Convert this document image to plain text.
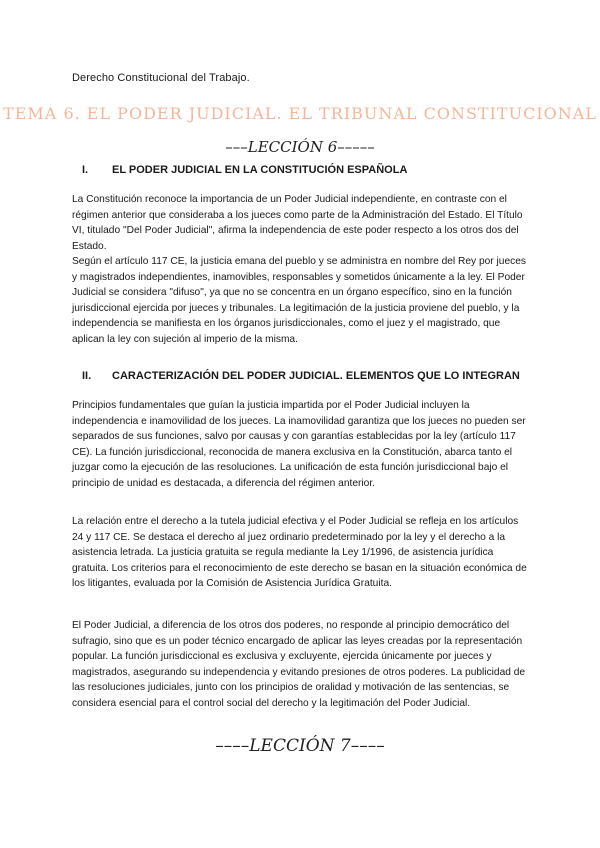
Derecho Constitucional del Trabajo.
TEMA 6. EL PODER JUDICIAL. EL TRIBUNAL CONSTITUCIONAL
–––LECCIÓN 6–––––
I.	EL PODER JUDICIAL EN LA CONSTITUCIÓN ESPAÑOLA

La Constitución reconoce la importancia de un Poder Judicial independiente, en contraste con el régimen anterior que consideraba a los jueces como parte de la Administración del Estado. El Título VI, titulado "Del Poder Judicial", afirma la independencia de este poder respecto a los otros dos del Estado.

Según el artículo 117 CE, la justicia emana del pueblo y se administra en nombre del Rey por jueces y magistrados independientes, inamovibles, responsables y sometidos únicamente a la ley. El Poder Judicial se considera "difuso", ya que no se concentra en un órgano específico, sino en la función jurisdiccional ejercida por jueces y tribunales. La legitimación de la justicia proviene del pueblo, y la independencia se manifiesta en los órganos jurisdiccionales, como el juez y el magistrado, que aplican la ley con sujeción al imperio de la misma.

II.	CARACTERIZACIÓN DEL PODER JUDICIAL. ELEMENTOS QUE LO INTEGRAN

Principios fundamentales que guían la justicia impartida por el Poder Judicial incluyen la independencia e inamovilidad de los jueces. La inamovilidad garantiza que los jueces no pueden ser separados de sus funciones, salvo por causas y con garantías establecidas por la ley (artículo 117 CE). La función jurisdiccional, reconocida de manera exclusiva en la Constitución, abarca tanto el juzgar como la ejecución de las resoluciones. La unificación de esta función jurisdiccional bajo el principio de unidad es destacada, a diferencia del régimen anterior.

La relación entre el derecho a la tutela judicial efectiva y el Poder Judicial se refleja en los artículos 24 y 117 CE. Se destaca el derecho al juez ordinario predeterminado por la ley y el derecho a la asistencia letrada. La justicia gratuita se regula mediante la Ley 1/1996, de asistencia jurídica gratuita. Los criterios para el reconocimiento de este derecho se basan en la situación económica de los litigantes, evaluada por la Comisión de Asistencia Jurídica Gratuita.

El Poder Judicial, a diferencia de los otros dos poderes, no responde al principio democrático del sufragio, sino que es un poder técnico encargado de aplicar las leyes creadas por la representación popular. La función jurisdiccional es exclusiva y excluyente, ejercida únicamente por jueces y magistrados, asegurando su independencia y evitando presiones de otros poderes. La publicidad de las resoluciones judiciales, junto con los principios de oralidad y motivación de las sentencias, se considera esencial para el control social del derecho y la legitimación del Poder Judicial.

––––LECCIÓN 7––––
